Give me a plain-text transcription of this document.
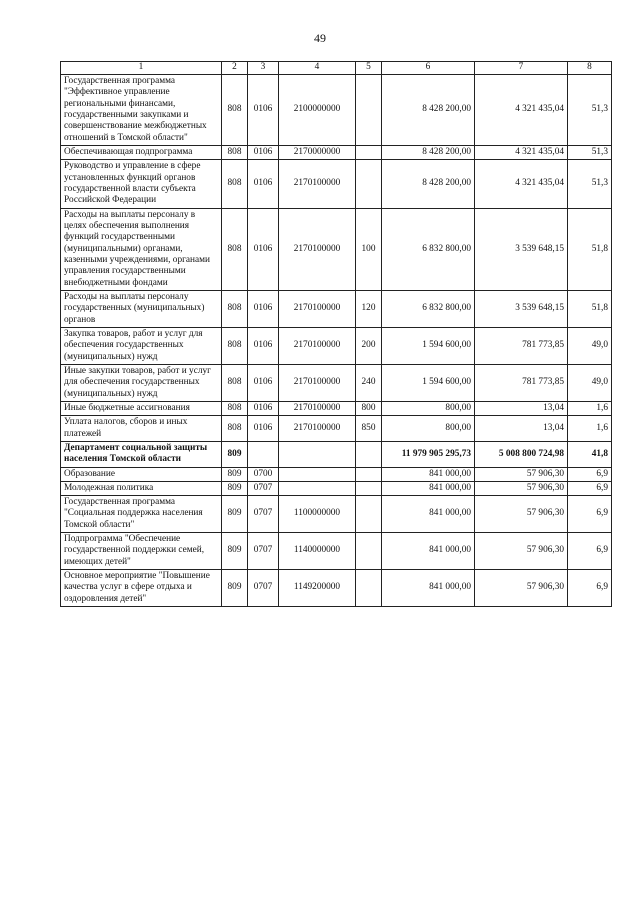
49
1	2	3	4	5	6	7	8
Государственная программа "Эффективное управление региональными финансами, государственными закупками и совершенствование межбюджетных отношений в Томской области"	808	0106	2100000000		8 428 200,00	4 321 435,04	51,3
Обеспечивающая подпрограмма	808	0106	2170000000		8 428 200,00	4 321 435,04	51,3
Руководство и управление в сфере установленных функций органов государственной власти субъекта Российской Федерации	808	0106	2170100000		8 428 200,00	4 321 435,04	51,3
Расходы на выплаты персоналу в целях обеспечения выполнения функций государственными (муниципальными) органами, казенными учреждениями, органами управления государственными внебюджетными фондами	808	0106	2170100000	100	6 832 800,00	3 539 648,15	51,8
Расходы на выплаты персоналу государственных (муниципальных) органов	808	0106	2170100000	120	6 832 800,00	3 539 648,15	51,8
Закупка товаров, работ и услуг для обеспечения государственных (муниципальных) нужд	808	0106	2170100000	200	1 594 600,00	781 773,85	49,0
Иные закупки товаров, работ и услуг для обеспечения государственных (муниципальных) нужд	808	0106	2170100000	240	1 594 600,00	781 773,85	49,0
Иные бюджетные ассигнования	808	0106	2170100000	800	800,00	13,04	1,6
Уплата налогов, сборов и иных платежей	808	0106	2170100000	850	800,00	13,04	1,6
Департамент социальной защиты населения Томской области	809				11 979 905 295,73	5 008 800 724,98	41,8
Образование	809	0700			841 000,00	57 906,30	6,9
Молодежная политика	809	0707			841 000,00	57 906,30	6,9
Государственная программа "Социальная поддержка населения Томской области"	809	0707	1100000000		841 000,00	57 906,30	6,9
Подпрограмма "Обеспечение государственной поддержки семей, имеющих детей"	809	0707	1140000000		841 000,00	57 906,30	6,9
Основное мероприятие "Повышение качества услуг в сфере отдыха и оздоровления детей"	809	0707	1149200000		841 000,00	57 906,30	6,9
